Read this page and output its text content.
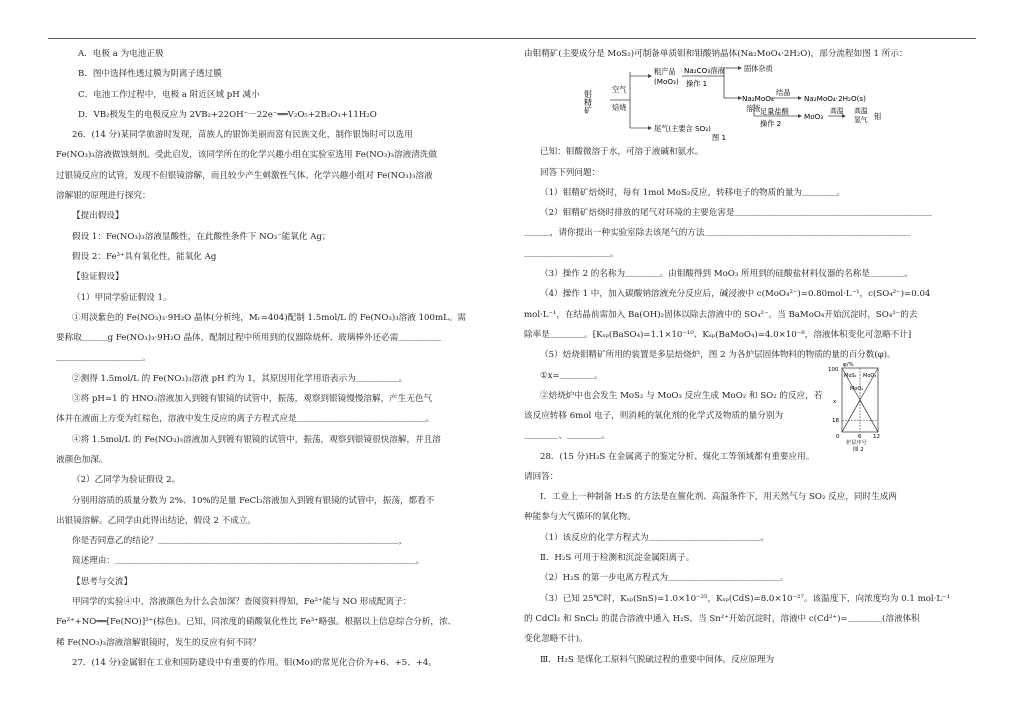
A．电极 a 为电池正极
B．图中选择性透过膜为阴离子透过膜
C．电池工作过程中，电极 a 附近区域 pH 减小
D．VB₂极发生的电极反应为 2VB₂+22OH⁻－22e⁻══V₂O₅+2B₂O₃+11H₂O
26．(14 分)某同学旅游时发现，苗族人的银饰美丽而富有民族文化，制作银饰时可以选用
Fe(NO₃)₃溶液做蚀刻剂。受此启发，该同学所在的化学兴趣小组在实验室选用 Fe(NO₃)₃溶液清洗做
过银镜反应的试管，发现不但银镜溶解，而且较少产生刺激性气体。化学兴趣小组对 Fe(NO₃)₃溶液
溶解银的原理进行探究：
【提出假设】
假设 1：Fe(NO₃)₃溶液显酸性，在此酸性条件下 NO₃⁻能氧化 Ag；
假设 2：Fe³⁺具有氧化性，能氧化 Ag
【验证假设】
（1）甲同学验证假设 1。
①用淡紫色的 Fe(NO₃)₃·9H₂O 晶体(分析纯，Mᵣ=404)配制 1.5mol/L 的 Fe(NO₃)₃溶液 100mL。需
要称取＿＿＿g Fe(NO₃)₃·9H₂O 晶体，配制过程中所用到的仪器除烧杯、玻璃棒外还必需＿＿＿＿＿
＿＿＿＿＿＿＿＿＿＿。
②测得 1.5mol/L 的 Fe(NO₃)₃溶液 pH 约为 1，其原因用化学用语表示为＿＿＿＿＿。
③将 pH=1 的 HNO₃溶液加入到镀有银镜的试管中，振荡，观察到银镜慢慢溶解，产生无色气
体并在液面上方变为红棕色，溶液中发生反应的离子方程式应是＿＿＿＿＿＿＿＿＿＿＿＿＿＿＿。
④将 1.5mol/L 的 Fe(NO₃)₃溶液加入到镀有银镜的试管中，振荡，观察到银镜很快溶解，并且溶
液颜色加深。
（2）乙同学为验证假设 2。
分别用溶质的质量分数为 2%、10%的足量 FeCl₃溶液加入到镀有银镜的试管中，振荡，都看不
出银镜溶解。乙同学由此得出结论，假设 2 不成立。
你是否同意乙的结论？＿＿＿＿＿＿＿＿＿＿＿＿＿＿＿＿＿＿＿＿＿＿＿＿＿＿＿＿，
简述理由：＿＿＿＿＿＿＿＿＿＿＿＿＿＿＿＿＿＿＿＿＿＿＿＿＿＿＿＿＿＿＿＿＿＿＿。
【思考与交流】
甲同学的实验④中，溶液颜色为什么会加深？查阅资料得知，Fe²⁺能与 NO 形成配离子：
Fe²⁺+NO══[Fe(NO)]²⁺(棕色)。已知，同浓度的硝酸氧化性比 Fe³⁺略强。根据以上信息综合分析，浓、
稀 Fe(NO₃)₃溶液溶解银镜时，发生的反应有何不同？
27．(14 分)金属钼在工业和国防建设中有重要的作用。钼(Mo)的常见化合价为+6、+5、+4。
由钼精矿(主要成分是 MoS₂)可制备单质钼和钼酸钠晶体(Na₂MoO₄·2H₂O)，部分流程如图 1 所示：
钼精矿
空气
焙烧
粗产品
(MoO₃)
Na₂CO₃溶液
操作 1
固体杂质
Na₂MoO₄
溶液
结晶
Na₂MoO₄·2H₂O(s)
足量盐酸
操作 2
MoO₃
高温 高温
氢气 钼
尾气(主要含 SO₂)
图 1
已知：钼酸微溶于水，可溶于液碱和氨水。
回答下列问题：
（1）钼精矿焙烧时，每有 1mol MoS₂反应，转移电子的物质的量为＿＿＿＿。
（2）钼精矿焙烧时排放的尾气对环境的主要危害是＿＿＿＿＿＿＿＿＿＿＿＿＿＿＿＿＿＿＿＿＿＿＿
＿＿＿，请你提出一种实验室除去该尾气的方法＿＿＿＿＿＿＿＿＿＿＿＿＿＿＿＿＿＿＿＿＿＿＿＿
＿＿＿＿＿＿＿＿＿＿。
（3）操作 2 的名称为＿＿＿＿。由钼酸得到 MoO₃ 所用到的硅酸盐材料仪器的名称是＿＿＿＿。
（4）操作 1 中，加入碳酸钠溶液充分反应后，碱浸液中 c(MoO₄²⁻)=0.80mol·L⁻¹，c(SO₄²⁻)=0.04
mol·L⁻¹，在结晶前需加入 Ba(OH)₂固体以除去溶液中的 SO₄²⁻。当 BaMoO₄开始沉淀时，SO₄²⁻的去
除率是＿＿＿＿。[Kₛₚ(BaSO₄)=1.1×10⁻¹⁰、Kₛₚ(BaMoO₄)=4.0×10⁻⁸，溶液体积变化可忽略不计]
（5）焙烧钼精矿所用的装置是多层焙烧炉，图 2 为各炉层固体物料的物质的量的百分数(φ)。
①x=＿＿＿＿。
②焙烧炉中也会发生 MoS₂ 与 MoO₃ 反应生成 MoO₂ 和 SO₂ 的反应，若
该反应转移 6mol 电子，则消耗的氧化剂的化学式及物质的量分别为
＿＿＿＿、＿＿＿＿。
φ/%
100
x
18
0	6 12
炉层序号
MoS₂ MoO₃
MoO₂
图 2
28．(15 分)H₂S 在金属离子的鉴定分析、煤化工等领域都有重要应用。
请回答：
Ⅰ．工业上一种制备 H₂S 的方法是在催化剂、高温条件下，用天然气与 SO₂ 反应，同时生成两
种能参与大气循环的氧化物。
（1）该反应的化学方程式为＿＿＿＿＿＿＿＿＿＿＿＿＿。
Ⅱ．H₂S 可用于检测和沉淀金属阳离子。
（2）H₂S 的第一步电离方程式为＿＿＿＿＿＿＿＿＿＿＿＿＿。
（3）已知 25℃时，Kₛₚ(SnS)=1.0×10⁻²⁵，Kₛₚ(CdS)=8.0×10⁻²⁷。该温度下，向浓度均为 0.1 mol·L⁻¹
的 CdCl₂ 和 SnCl₂ 的混合溶液中通入 H₂S，当 Sn²⁺开始沉淀时，溶液中 c(Cd²⁺)=＿＿＿＿(溶液体积
变化忽略不计)。
Ⅲ．H₂S 是煤化工原料气脱硫过程的重要中间体。反应原理为
